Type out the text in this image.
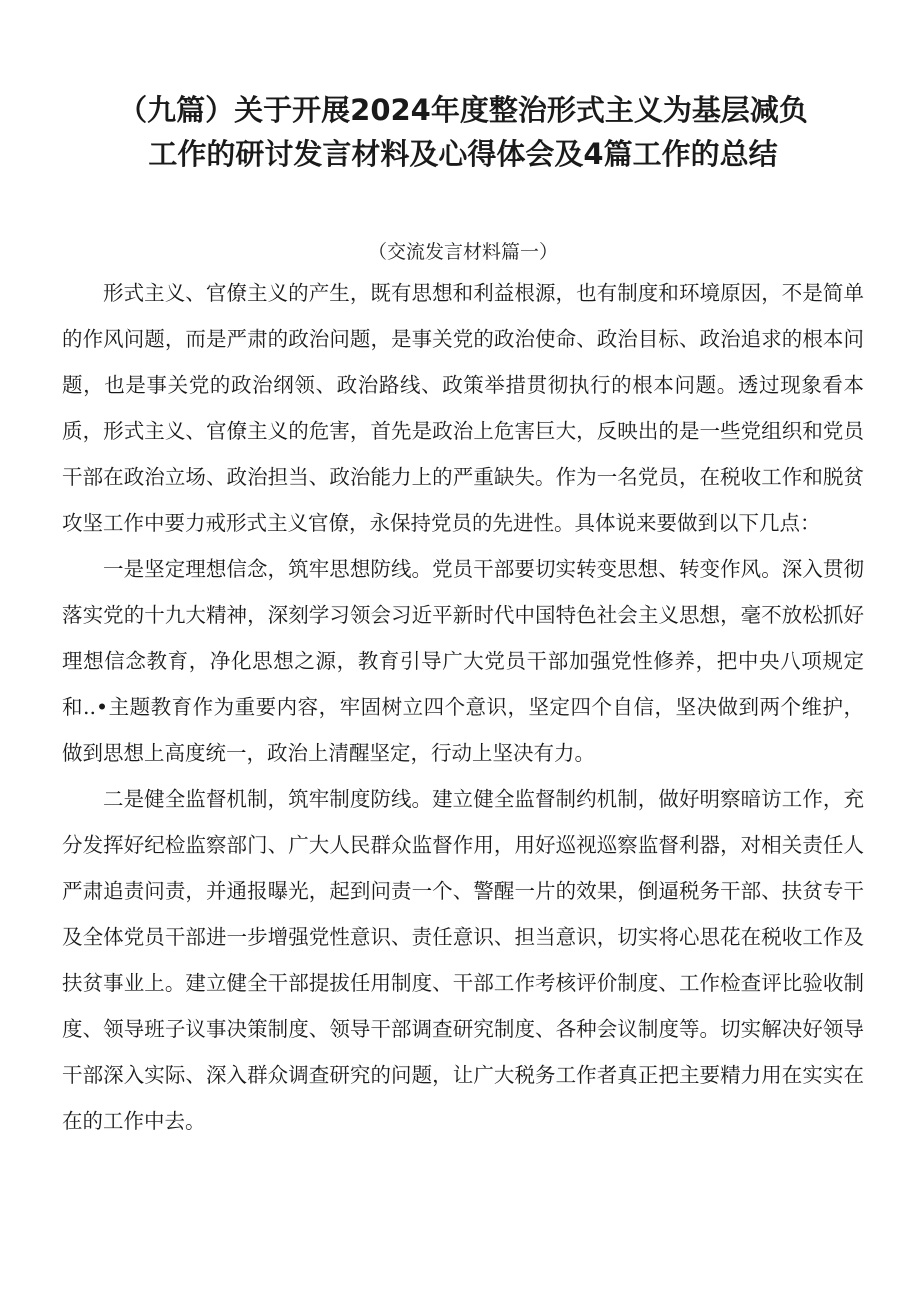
（九篇）关于开展2024年度整治形式主义为基层减负
工作的研讨发言材料及心得体会及4篇工作的总结

（交流发言材料篇一）

形式主义、官僚主义的产生，既有思想和利益根源，也有制度和环境原因，不是简单的作风问题，而是严肃的政治问题，是事关党的政治使命、政治目标、政治追求的根本问题，也是事关党的政治纲领、政治路线、政策举措贯彻执行的根本问题。透过现象看本质，形式主义、官僚主义的危害，首先是政治上危害巨大，反映出的是一些党组织和党员干部在政治立场、政治担当、政治能力上的严重缺失。作为一名党员，在税收工作和脱贫攻坚工作中要力戒形式主义官僚，永保持党员的先进性。具体说来要做到以下几点：

一是坚定理想信念，筑牢思想防线。党员干部要切实转变思想、转变作风。深入贯彻落实党的十九大精神，深刻学习领会习近平新时代中国特色社会主义思想，毫不放松抓好理想信念教育，净化思想之源，教育引导广大党员干部加强党性修养，把中央八项规定和..•主题教育作为重要内容，牢固树立四个意识，坚定四个自信，坚决做到两个维护，做到思想上高度统一，政治上清醒坚定，行动上坚决有力。

二是健全监督机制，筑牢制度防线。建立健全监督制约机制，做好明察暗访工作，充分发挥好纪检监察部门、广大人民群众监督作用，用好巡视巡察监督利器，对相关责任人严肃追责问责，并通报曝光，起到问责一个、警醒一片的效果，倒逼税务干部、扶贫专干及全体党员干部进一步增强党性意识、责任意识、担当意识，切实将心思花在税收工作及扶贫事业上。建立健全干部提拔任用制度、干部工作考核评价制度、工作检查评比验收制度、领导班子议事决策制度、领导干部调查研究制度、各种会议制度等。切实解决好领导干部深入实际、深入群众调查研究的问题，让广大税务工作者真正把主要精力用在实实在在的工作中去。
